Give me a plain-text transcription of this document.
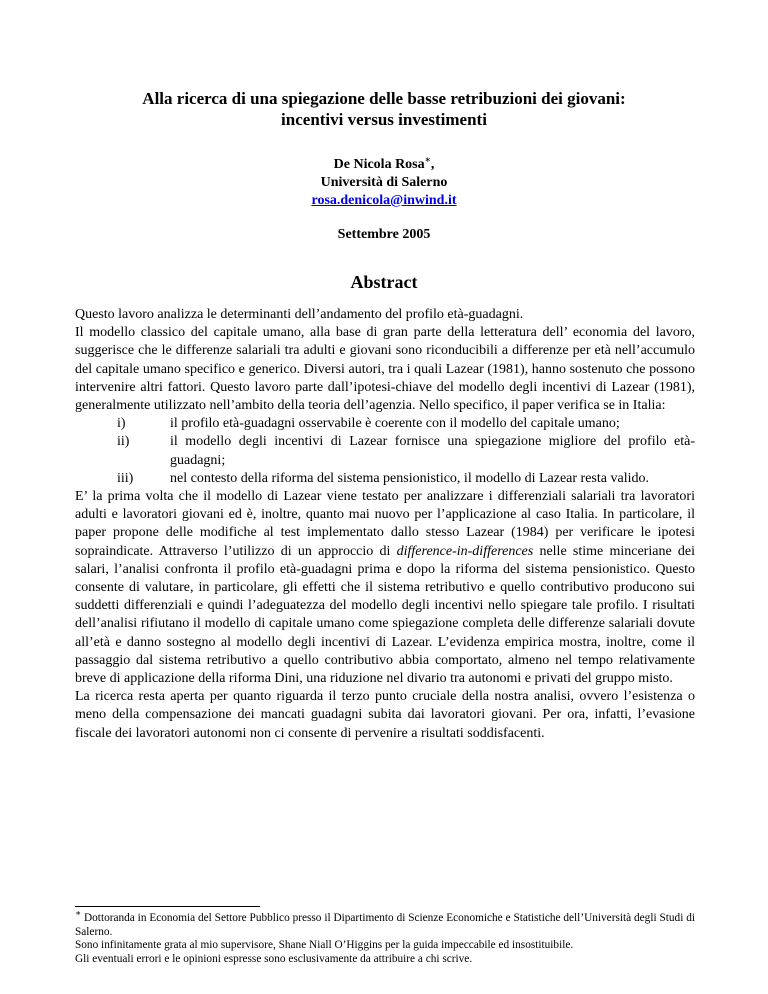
Alla ricerca di una spiegazione delle basse retribuzioni dei giovani:
incentivi versus investimenti
De Nicola Rosa∗,
Università di Salerno
rosa.denicola@inwind.it
Settembre 2005
Abstract

Questo lavoro analizza le determinanti dell’andamento del profilo età-guadagni.

Il modello classico del capitale umano, alla base di gran parte della letteratura dell’ economia del lavoro, suggerisce che le differenze salariali tra adulti e giovani sono riconducibili a differenze per età nell’accumulo del capitale umano specifico e generico. Diversi autori, tra i quali Lazear (1981), hanno sostenuto che possono intervenire altri fattori. Questo lavoro parte dall’ipotesi-chiave del modello degli incentivi di Lazear (1981), generalmente utilizzato nell’ambito della teoria dell’agenzia. Nello specifico, il paper verifica se in Italia:

i)	il profilo età-guadagni osservabile è coerente con il modello del capitale umano;
ii)	il modello degli incentivi di Lazear fornisce una spiegazione migliore del profilo età-guadagni;
iii)	nel contesto della riforma del sistema pensionistico, il modello di Lazear resta valido.

E’ la prima volta che il modello di Lazear viene testato per analizzare i differenziali salariali tra lavoratori adulti e lavoratori giovani ed è, inoltre, quanto mai nuovo per l’applicazione al caso Italia. In particolare, il paper propone delle modifiche al test implementato dallo stesso Lazear (1984) per verificare le ipotesi sopraindicate. Attraverso l’utilizzo di un approccio di difference-in-differences nelle stime minceriane dei salari, l’analisi confronta il profilo età-guadagni prima e dopo la riforma del sistema pensionistico. Questo consente di valutare, in particolare, gli effetti che il sistema retributivo e quello contributivo producono sui suddetti differenziali e quindi l’adeguatezza del modello degli incentivi nello spiegare tale profilo. I risultati dell’analisi rifiutano il modello di capitale umano come spiegazione completa delle differenze salariali dovute all’età e danno sostegno al modello degli incentivi di Lazear. L’evidenza empirica mostra, inoltre, come il passaggio dal sistema retributivo a quello contributivo abbia comportato, almeno nel tempo relativamente breve di applicazione della riforma Dini, una riduzione nel divario tra autonomi e privati del gruppo misto.

La ricerca resta aperta per quanto riguarda il terzo punto cruciale della nostra analisi, ovvero l’esistenza o meno della compensazione dei mancati guadagni subita dai lavoratori giovani. Per ora, infatti, l’evasione fiscale dei lavoratori autonomi non ci consente di pervenire a risultati soddisfacenti.

∗ Dottoranda in Economia del Settore Pubblico presso il Dipartimento di Scienze Economiche e Statistiche dell’Università degli Studi di Salerno.

Sono infinitamente grata al mio supervisore, Shane Niall O’Higgins per la guida impeccabile ed insostituibile.

Gli eventuali errori e le opinioni espresse sono esclusivamente da attribuire a chi scrive.
